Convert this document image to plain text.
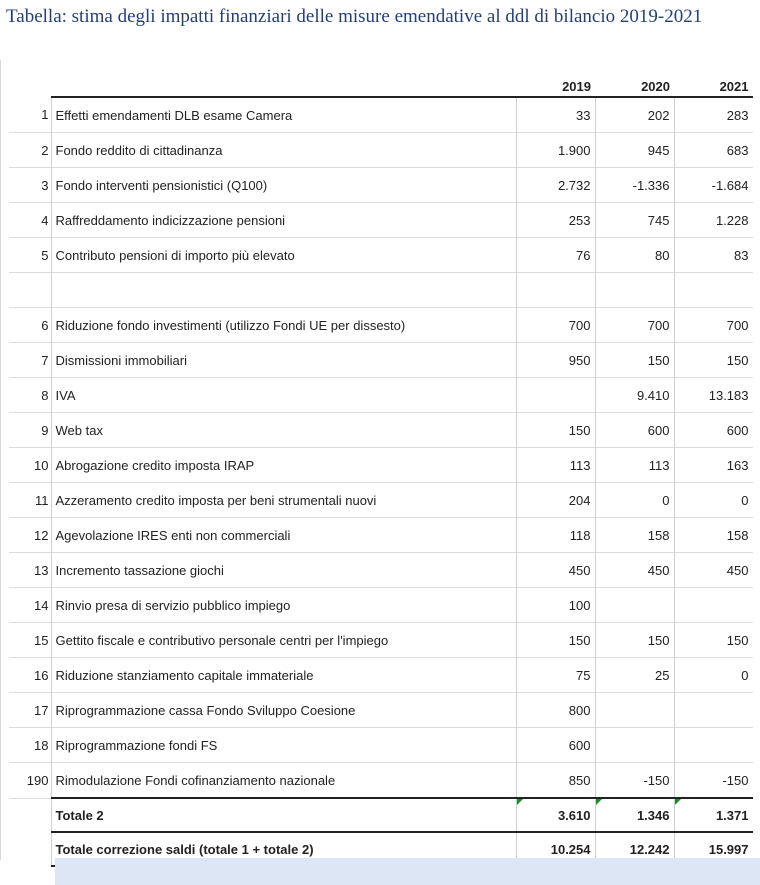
Tabella: stima degli impatti finanziari delle misure emendative al ddl di bilancio 2019-2021
		2019	2020	2021
1	Effetti emendamenti DLB esame Camera	33	202	283
2	Fondo reddito di cittadinanza	1.900	945	683
3	Fondo interventi pensionistici (Q100)	2.732	-1.336	-1.684
4	Raffreddamento indicizzazione pensioni	253	745	1.228
5	Contributo pensioni di importo più elevato	76	80	83

6	Riduzione fondo investimenti (utilizzo Fondi UE per dissesto)	700	700	700
7	Dismissioni immobiliari	950	150	150
8	IVA		9.410	13.183
9	Web tax	150	600	600
10	Abrogazione credito imposta IRAP	113	113	163
11	Azzeramento credito imposta per beni strumentali nuovi	204	0	0
12	Agevolazione IRES enti non commerciali	118	158	158
13	Incremento tassazione giochi	450	450	450
14	Rinvio presa di servizio pubblico impiego	100		
15	Gettito fiscale e contributivo personale centri per l'impiego	150	150	150
16	Riduzione stanziamento capitale immateriale	75	25	0
17	Riprogrammazione cassa Fondo Sviluppo Coesione	800		
18	Riprogrammazione fondi FS	600		
190	Rimodulazione Fondi cofinanziamento nazionale	850	-150	-150
	Totale 2	3.610	1.346	1.371
	Totale correzione saldi (totale 1 + totale 2)	10.254	12.242	15.997
